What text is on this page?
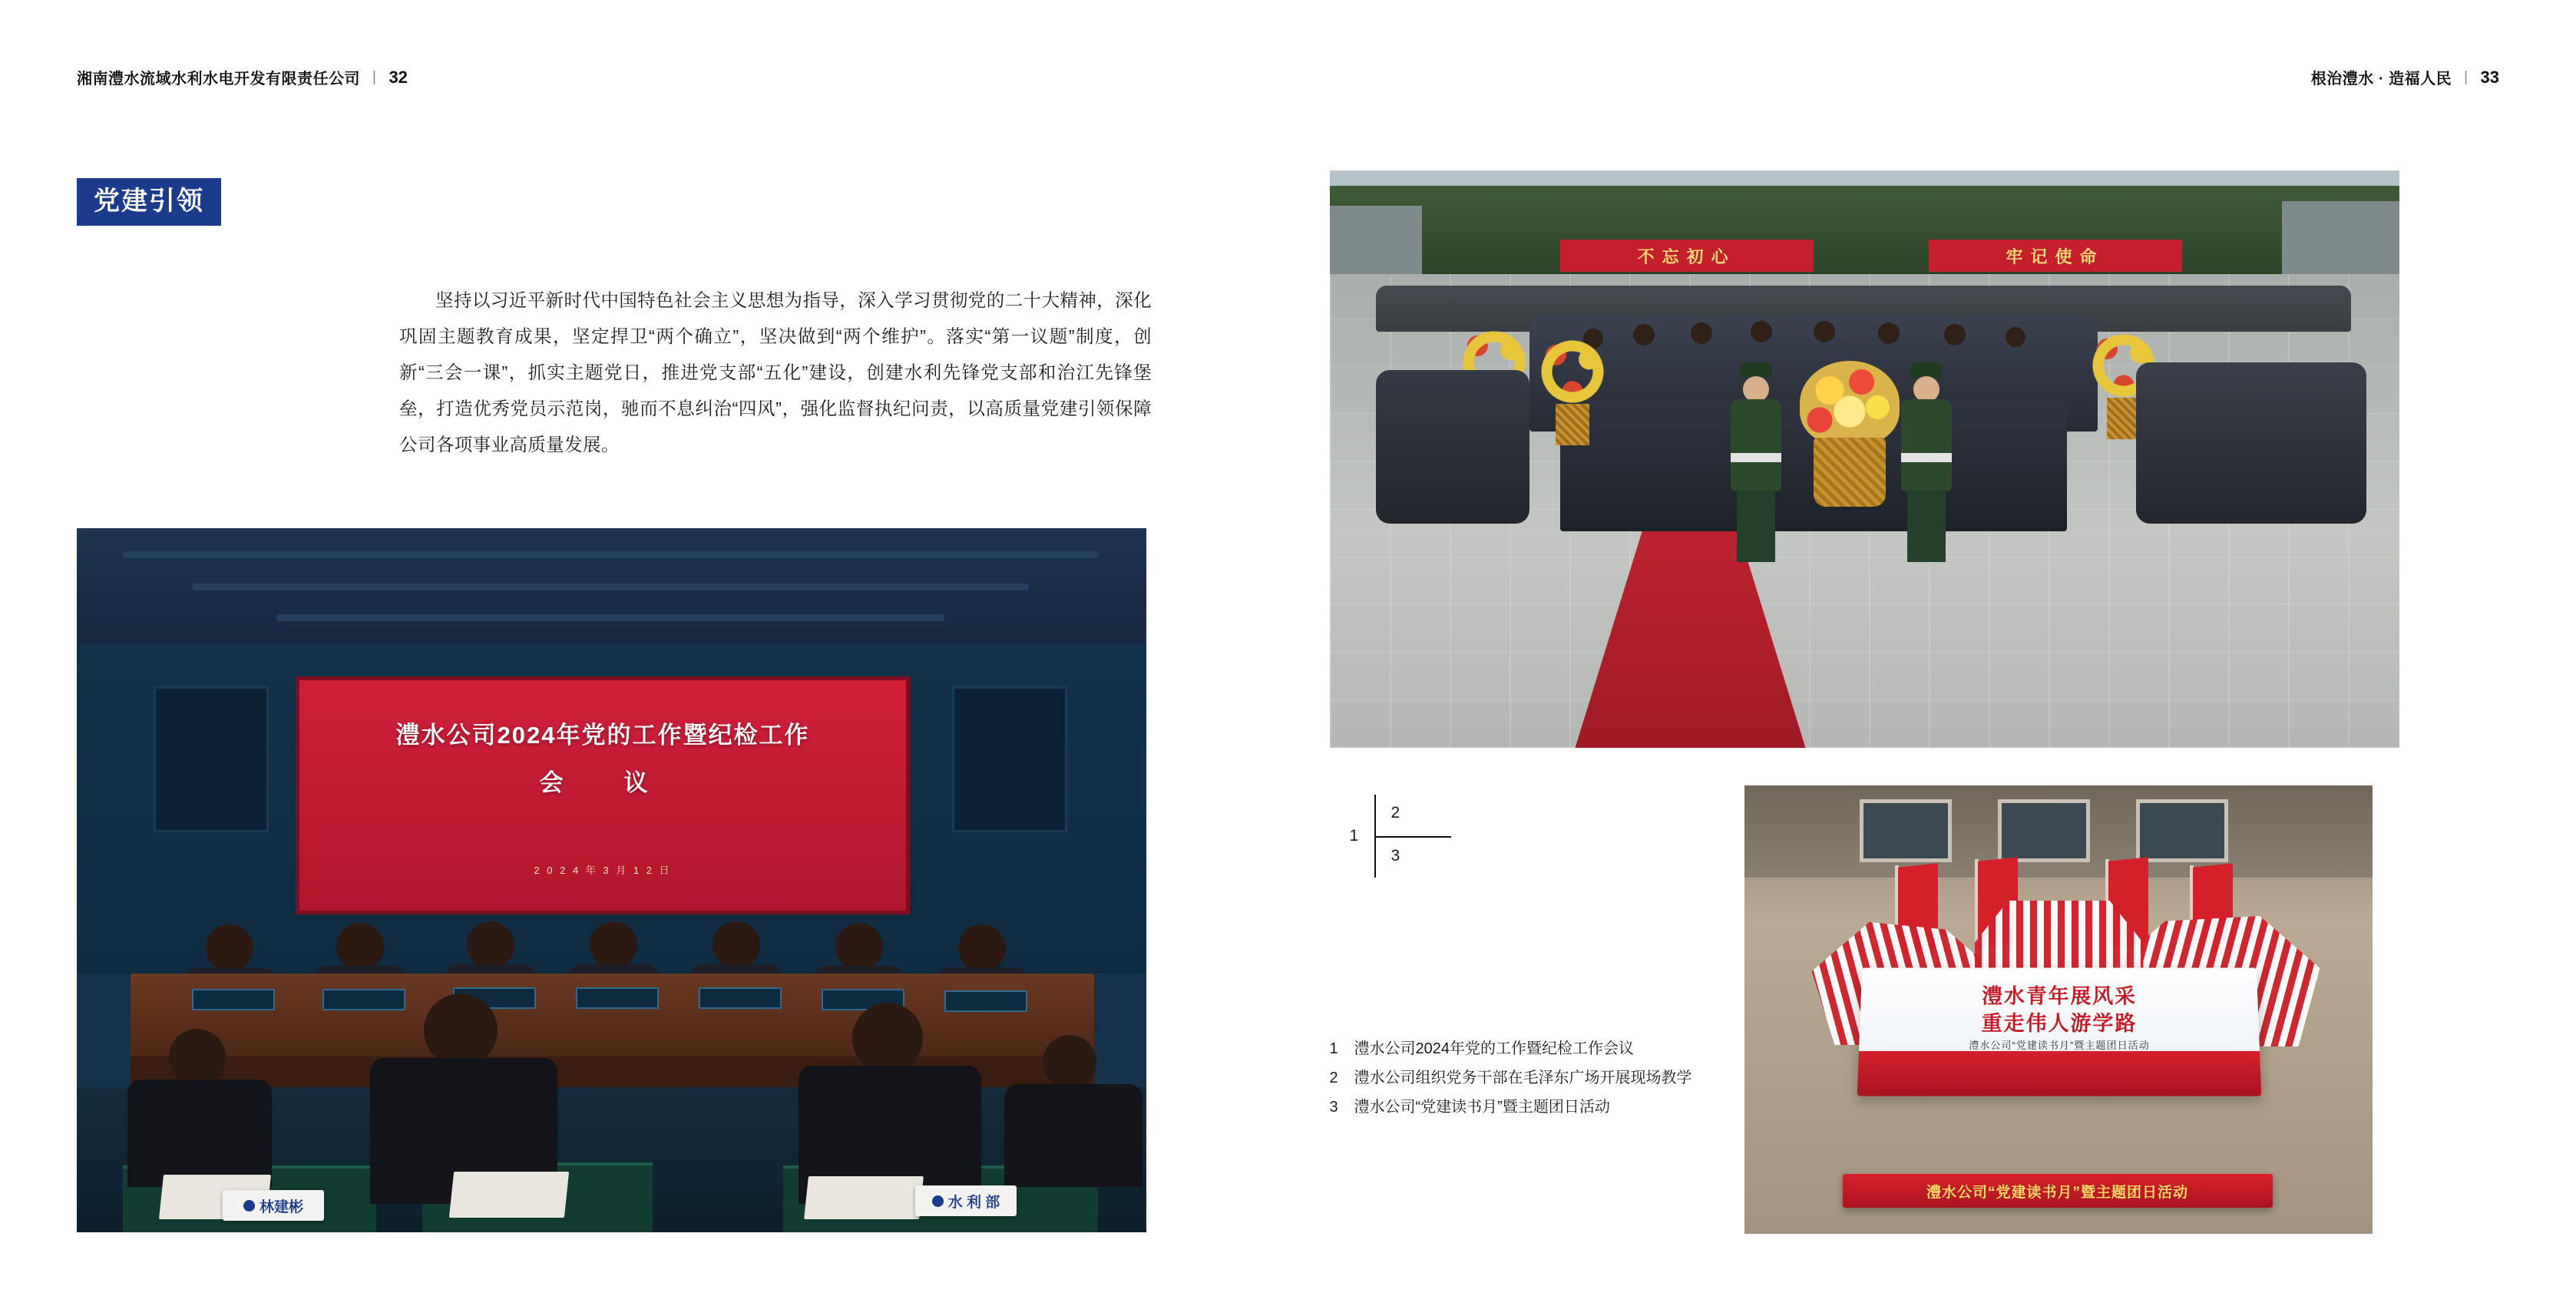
湘南澧水流域水利水电开发有限责任公司 | 32
党建引领
坚持以习近平新时代中国特色社会主义思想为指导，深入学习贯彻党的二十大精神，深化巩固主题教育成果，坚定捍卫“两个确立”，坚决做到“两个维护”。落实“第一议题”制度，创新“三会一课”，抓实主题党日，推进党支部“五化”建设，创建水利先锋党支部和治江先锋堡垒，打造优秀党员示范岗，驰而不息纠治“四风”，强化监督执纪问责，以高质量党建引领保障公司各项事业高质量发展。
澧水公司2024年党的工作暨纪检工作
会　议
2 0 2 4 年 3 月 1 2 日
林建彬	水 利 部
根治澧水 · 造福人民 | 33
不忘初心	牢记使命
1
2
3
澧水青年展风采
重走伟人游学路
澧水公司“党建读书月”暨主题团日活动
澧水公司“党建读书月”暨主题团日活动
1 澧水公司2024年党的工作暨纪检工作会议
2 澧水公司组织党务干部在毛泽东广场开展现场教学
3 澧水公司“党建读书月”暨主题团日活动
